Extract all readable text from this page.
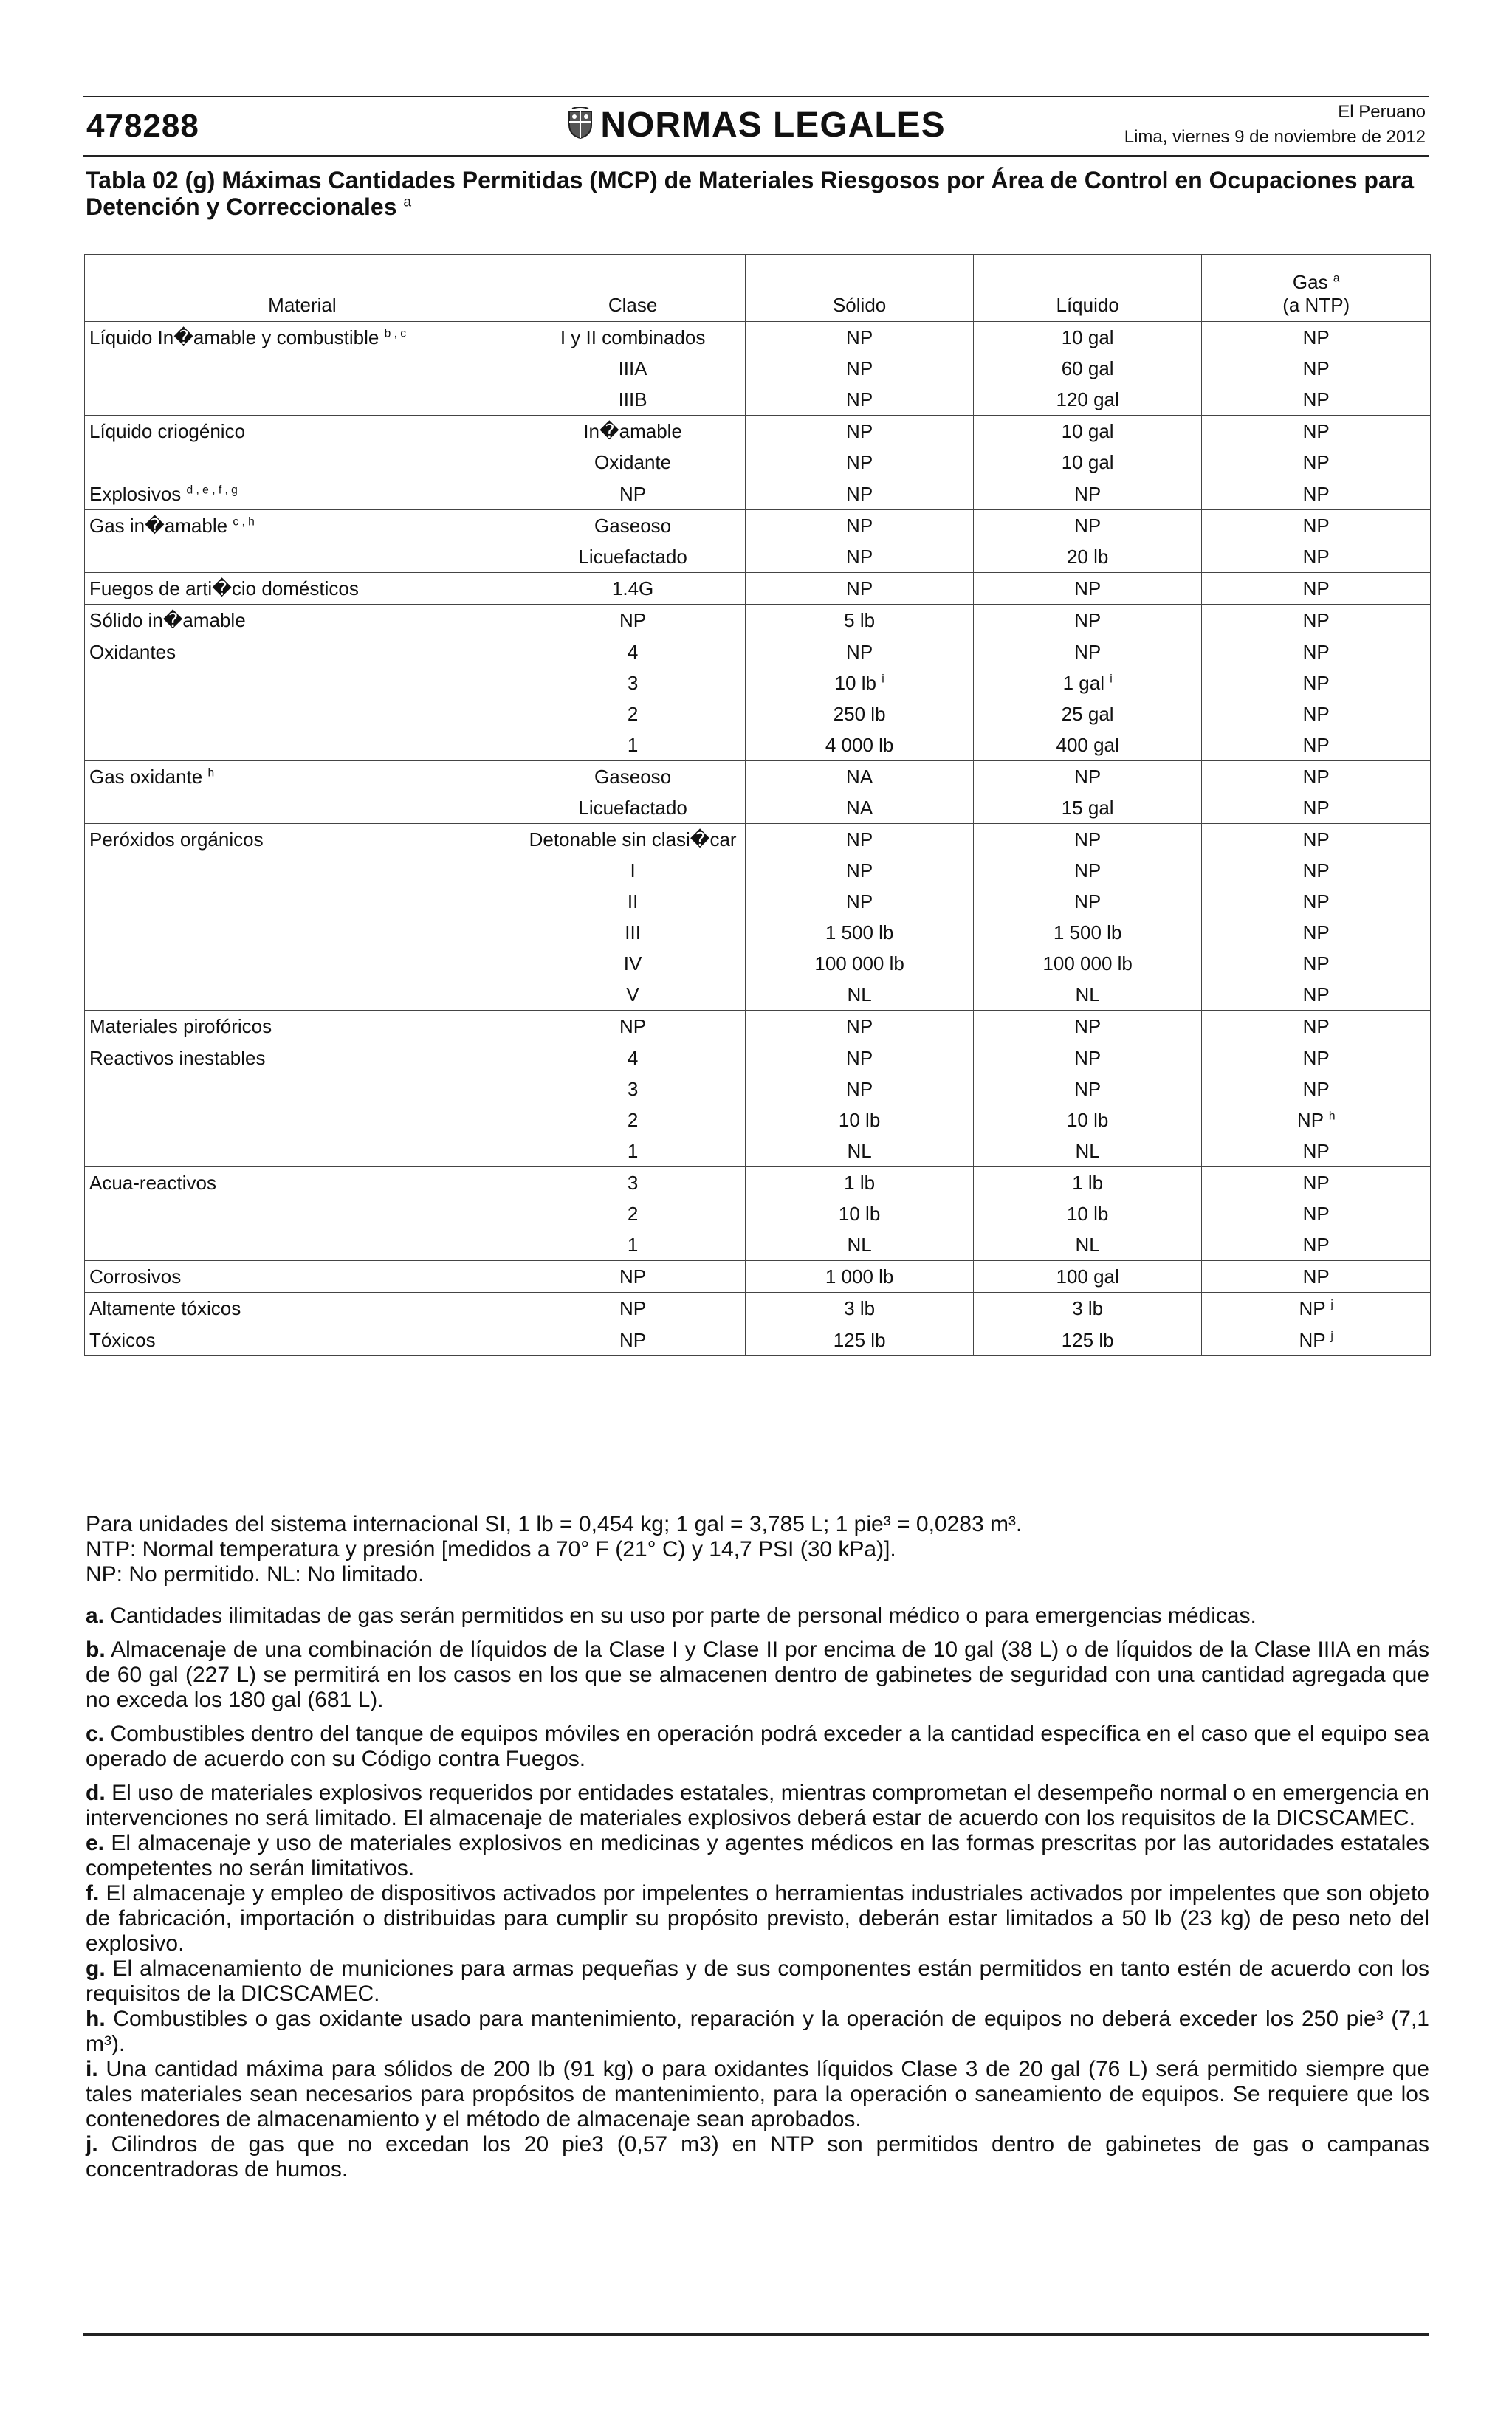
478288	NORMAS LEGALES	El Peruano
Lima, viernes 9 de noviembre de 2012
Tabla 02 (g) Máximas Cantidades Permitidas (MCP) de Materiales Riesgosos por Área de Control en Ocupaciones para Detención y Correccionales $^a$
Material	Clase	Sólido	Líquido	Gas $^a$
(a NTP)
Líquido In�amable y combustible $^{b , c}$	I y II combinados	NP	10 gal	NP
	IIIA	NP	60 gal	NP
	IIIB	NP	120 gal	NP
Líquido criogénico	In�amable	NP	10 gal	NP
	Oxidante	NP	10 gal	NP
Explosivos $^{d , e , f , g}$	NP	NP	NP	NP
Gas in�amable $^{c , h}$	Gaseoso	NP	NP	NP
	Licuefactado	NP	20 lb	NP
Fuegos de arti�cio domésticos	1.4G	NP	NP	NP
Sólido in�amable	NP	5 lb	NP	NP
Oxidantes	4	NP	NP	NP
	3	10 lb $^i$	1 gal $^i$	NP
	2	250 lb	25 gal	NP
	1	4 000 lb	400 gal	NP
Gas oxidante $^h$	Gaseoso	NA	NP	NP
	Licuefactado	NA	15 gal	NP
Peróxidos orgánicos	Detonable sin clasi�car	NP	NP	NP
	I	NP	NP	NP
	II	NP	NP	NP
	III	1 500 lb	1 500 lb	NP
	IV	100 000 lb	100 000 lb	NP
	V	NL	NL	NP
Materiales pirofóricos	NP	NP	NP	NP
Reactivos inestables	4	NP	NP	NP
	3	NP	NP	NP
	2	10 lb	10 lb	NP $^h$
	1	NL	NL	NP
Acua-reactivos	3	1 lb	1 lb	NP
	2	10 lb	10 lb	NP
	1	NL	NL	NP
Corrosivos	NP	1 000 lb	100 gal	NP
Altamente tóxicos	NP	3 lb	3 lb	NP $^j$
Tóxicos	NP	125 lb	125 lb	NP $^j$

Para unidades del sistema internacional SI, 1 lb = 0,454 kg; 1 gal = 3,785 L; 1 pie³ = 0,0283 m³.

NTP: Normal temperatura y presión [medidos a 70° F (21° C) y 14,7 PSI (30 kPa)].

NP: No permitido. NL: No limitado.

a. Cantidades ilimitadas de gas serán permitidos en su uso por parte de personal médico o para emergencias médicas.

b. Almacenaje de una combinación de líquidos de la Clase I y Clase II por encima de 10 gal (38 L) o de líquidos de la Clase IIIA en más de 60 gal (227 L) se permitirá en los casos en los que se almacenen dentro de gabinetes de seguridad con una cantidad agregada que no exceda los 180 gal (681 L).

c. Combustibles dentro del tanque de equipos móviles en operación podrá exceder a la cantidad específica en el caso que el equipo sea operado de acuerdo con su Código contra Fuegos.

d. El uso de materiales explosivos requeridos por entidades estatales, mientras comprometan el desempeño normal o en emergencia en intervenciones no será limitado. El almacenaje de materiales explosivos deberá estar de acuerdo con los requisitos de la DICSCAMEC.

e. El almacenaje y uso de materiales explosivos en medicinas y agentes médicos en las formas prescritas por las autoridades estatales competentes no serán limitativos.

f. El almacenaje y empleo de dispositivos activados por impelentes o herramientas industriales activados por impelentes que son objeto de fabricación, importación o distribuidas para cumplir su propósito previsto, deberán estar limitados a 50 lb (23 kg) de peso neto del explosivo.

g. El almacenamiento de municiones para armas pequeñas y de sus componentes están permitidos en tanto estén de acuerdo con los requisitos de la DICSCAMEC.

h. Combustibles o gas oxidante usado para mantenimiento, reparación y la operación de equipos no deberá exceder los 250 pie³ (7,1 m³).

i. Una cantidad máxima para sólidos de 200 lb (91 kg) o para oxidantes líquidos Clase 3 de 20 gal (76 L) será permitido siempre que tales materiales sean necesarios para propósitos de mantenimiento, para la operación o saneamiento de equipos. Se requiere que los contenedores de almacenamiento y el método de almacenaje sean aprobados.

j. Cilindros de gas que no excedan los 20 pie3 (0,57 m3) en NTP son permitidos dentro de gabinetes de gas o campanas concentradoras de humos.
